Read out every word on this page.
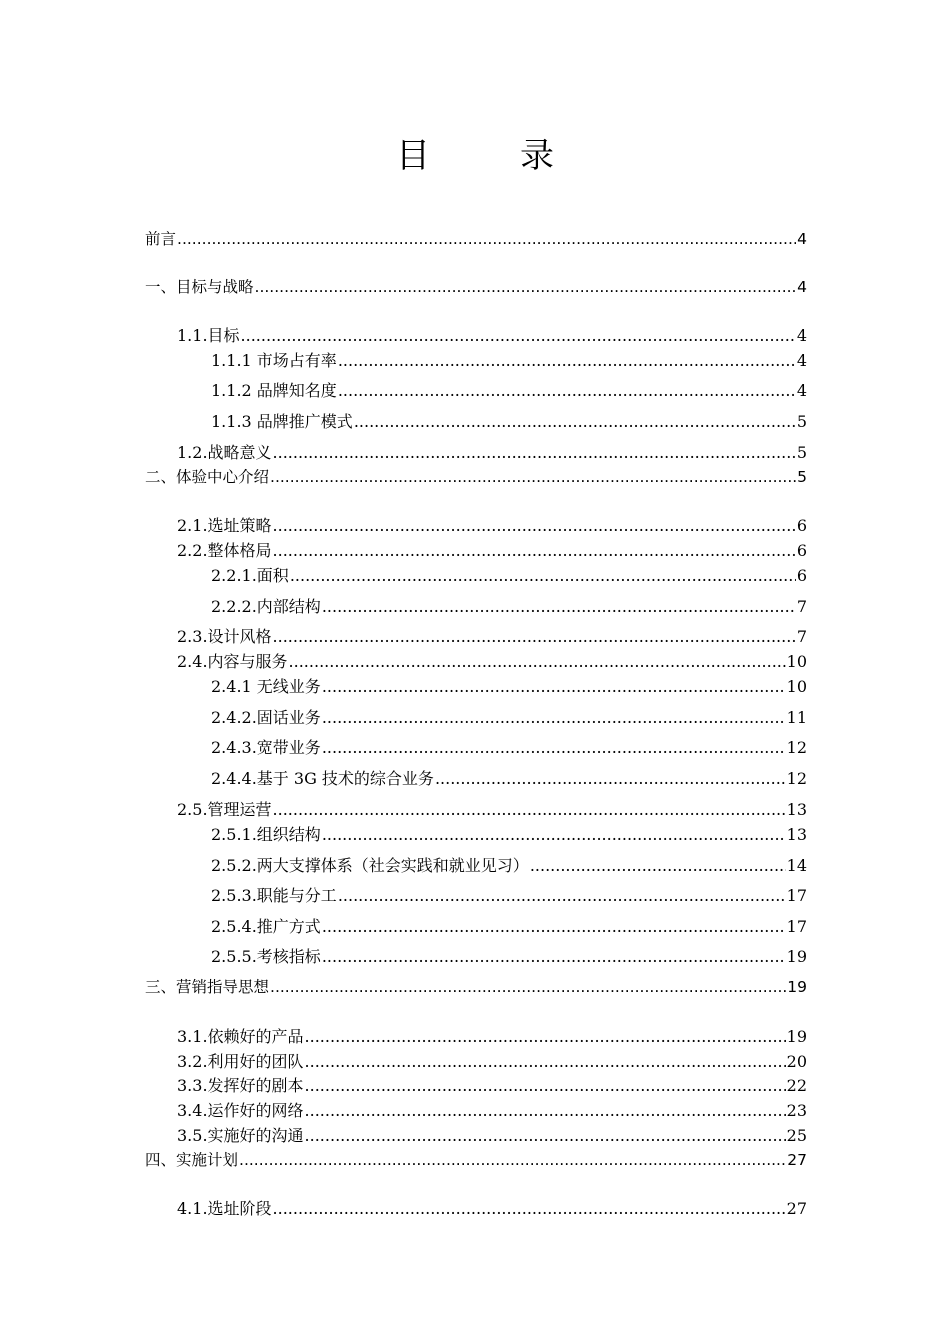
目　录
前言 .....	4
一、目标与战略 .....	4
1.1.目标 .....	4
1.1.1 市场占有率 .....	4
1.1.2 品牌知名度 .....	4
1.1.3 品牌推广模式 .....	5
1.2.战略意义 .....	5
二、体验中心介绍 .....	5
2.1.选址策略 .....	6
2.2.整体格局 .....	6
2.2.1.面积 .....	6
2.2.2.内部结构 .....	7
2.3.设计风格 .....	7
2.4.内容与服务 .....	10
2.4.1 无线业务 .....	10
2.4.2.固话业务 .....	11
2.4.3.宽带业务 .....	12
2.4.4.基于 3G 技术的综合业务 .....	12
2.5.管理运营 .....	13
2.5.1.组织结构 .....	13
2.5.2.两大支撑体系（社会实践和就业见习） .....	14
2.5.3.职能与分工 .....	17
2.5.4.推广方式 .....	17
2.5.5.考核指标 .....	19
三、营销指导思想 .....	19
3.1.依赖好的产品 .....	19
3.2.利用好的团队 .....	20
3.3.发挥好的剧本 .....	22
3.4.运作好的网络 .....	23
3.5.实施好的沟通 .....	25
四、实施计划 .....	27
4.1.选址阶段 .....	27
